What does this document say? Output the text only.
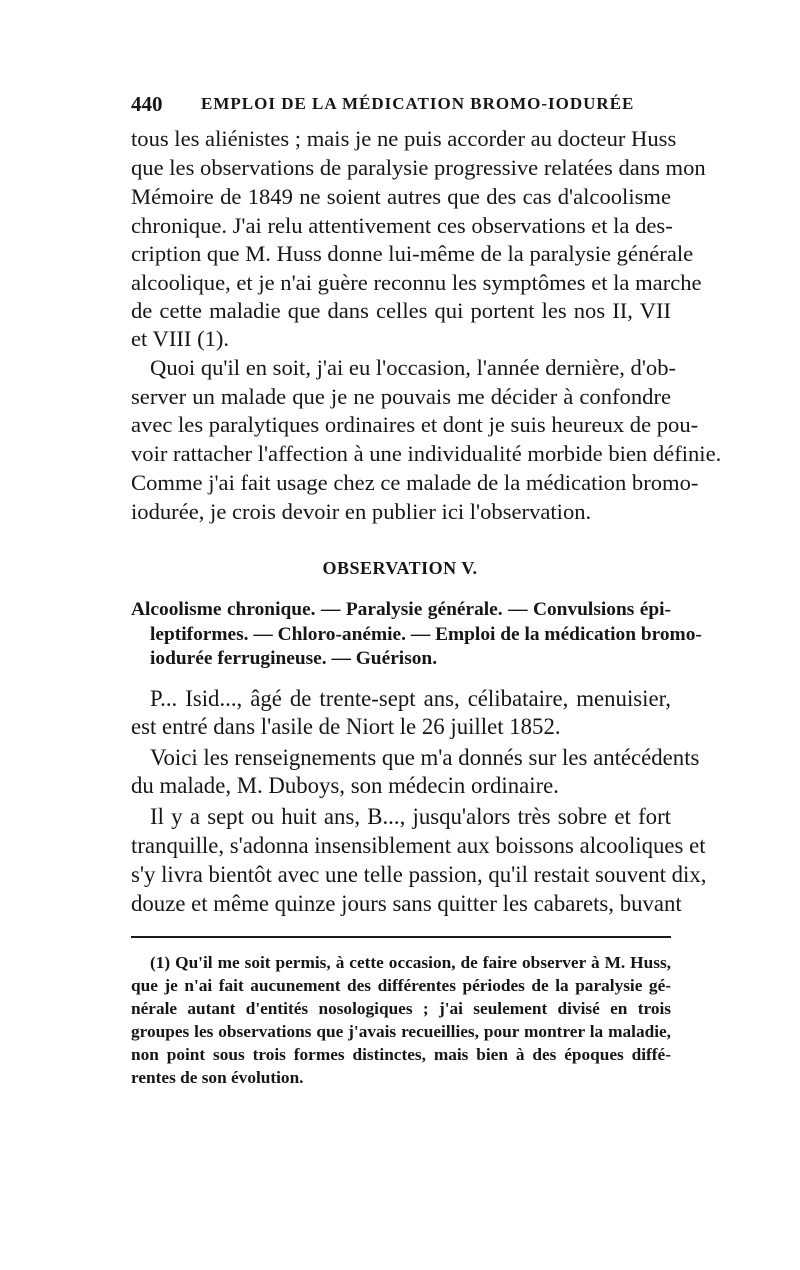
440 EMPLOI DE LA MÉDICATION BROMO-IODURÉE
tous les aliénistes ; mais je ne puis accorder au docteur Huss
que les observations de paralysie progressive relatées dans mon
Mémoire de 1849 ne soient autres que des cas d'alcoolisme
chronique. J'ai relu attentivement ces observations et la des-
cription que M. Huss donne lui-même de la paralysie générale
alcoolique, et je n'ai guère reconnu les symptômes et la marche
de cette maladie que dans celles qui portent les nos II, VII
et VIII (1).
Quoi qu'il en soit, j'ai eu l'occasion, l'année dernière, d'ob-
server un malade que je ne pouvais me décider à confondre
avec les paralytiques ordinaires et dont je suis heureux de pou-
voir rattacher l'affection à une individualité morbide bien définie.
Comme j'ai fait usage chez ce malade de la médication bromo-
iodurée, je crois devoir en publier ici l'observation.
OBSERVATION V.
Alcoolisme chronique. — Paralysie générale. — Convulsions épi-
leptiformes. — Chloro-anémie. — Emploi de la médication bromo-
iodurée ferrugineuse. — Guérison.
P... Isid..., âgé de trente-sept ans, célibataire, menuisier,
est entré dans l'asile de Niort le 26 juillet 1852.
Voici les renseignements que m'a donnés sur les antécédents
du malade, M. Duboys, son médecin ordinaire.
Il y a sept ou huit ans, B..., jusqu'alors très sobre et fort
tranquille, s'adonna insensiblement aux boissons alcooliques et
s'y livra bientôt avec une telle passion, qu'il restait souvent dix,
douze et même quinze jours sans quitter les cabarets, buvant
(1) Qu'il me soit permis, à cette occasion, de faire observer à M. Huss,
que je n'ai fait aucunement des différentes périodes de la paralysie gé-
nérale autant d'entités nosologiques ; j'ai seulement divisé en trois
groupes les observations que j'avais recueillies, pour montrer la maladie,
non point sous trois formes distinctes, mais bien à des époques diffé-
rentes de son évolution.
